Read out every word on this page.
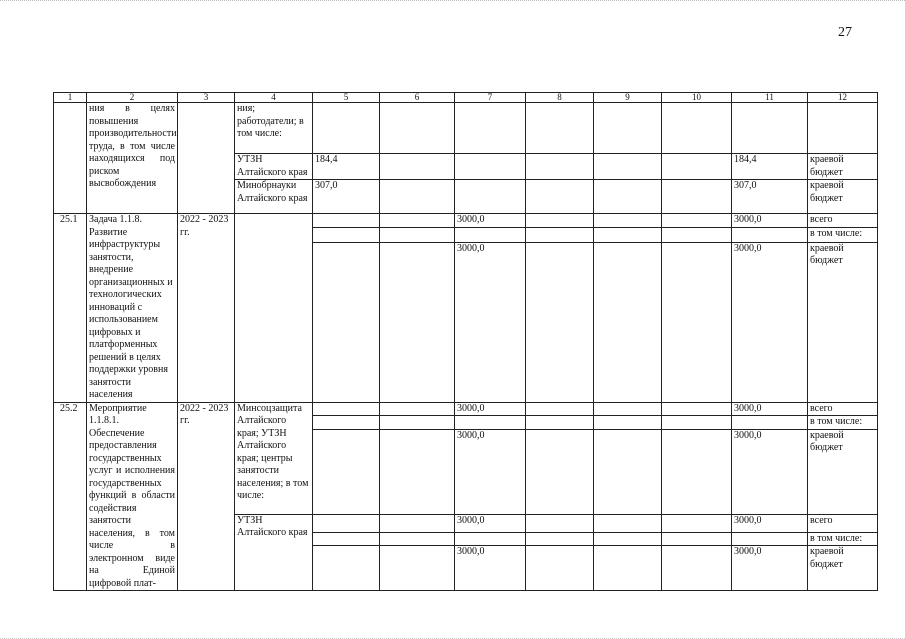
27
1	2	3	4	5	6	7	8	9	10	11	12
	ния в целях повышения производительности труда, в том числе находящихся под риском высвобождения		ния; работодатели; в том числе:								
			УТЗН Алтайского края	184,4						184,4	краевой бюджет
			Минобрнауки Алтайского края	307,0						307,0	краевой бюджет
25.1	Задача 1.1.8. Развитие инфраструктуры занятости, внедрение организационных и технологических инноваций с использованием цифровых и платформенных решений в целях поддержки уровня занятости населения	2022 - 2023 гг.				3000,0				3000,0	всего
											в том числе:
						3000,0				3000,0	краевой бюджет
25.2	Мероприятие 1.1.8.1. Обеспечение предоставления государственных услуг и исполнения государственных функций в области содействия занятости населения, в том числе в электронном виде на Единой цифровой плат-	2022 - 2023 гг.	Минсоцзащита Алтайского края; УТЗН Алтайского края; центры занятости населения; в том числе:			3000,0				3000,0	всего
											в том числе:
						3000,0				3000,0	краевой бюджет
			УТЗН Алтайского края			3000,0				3000,0	всего
											в том числе:
						3000,0				3000,0	краевой бюджет
